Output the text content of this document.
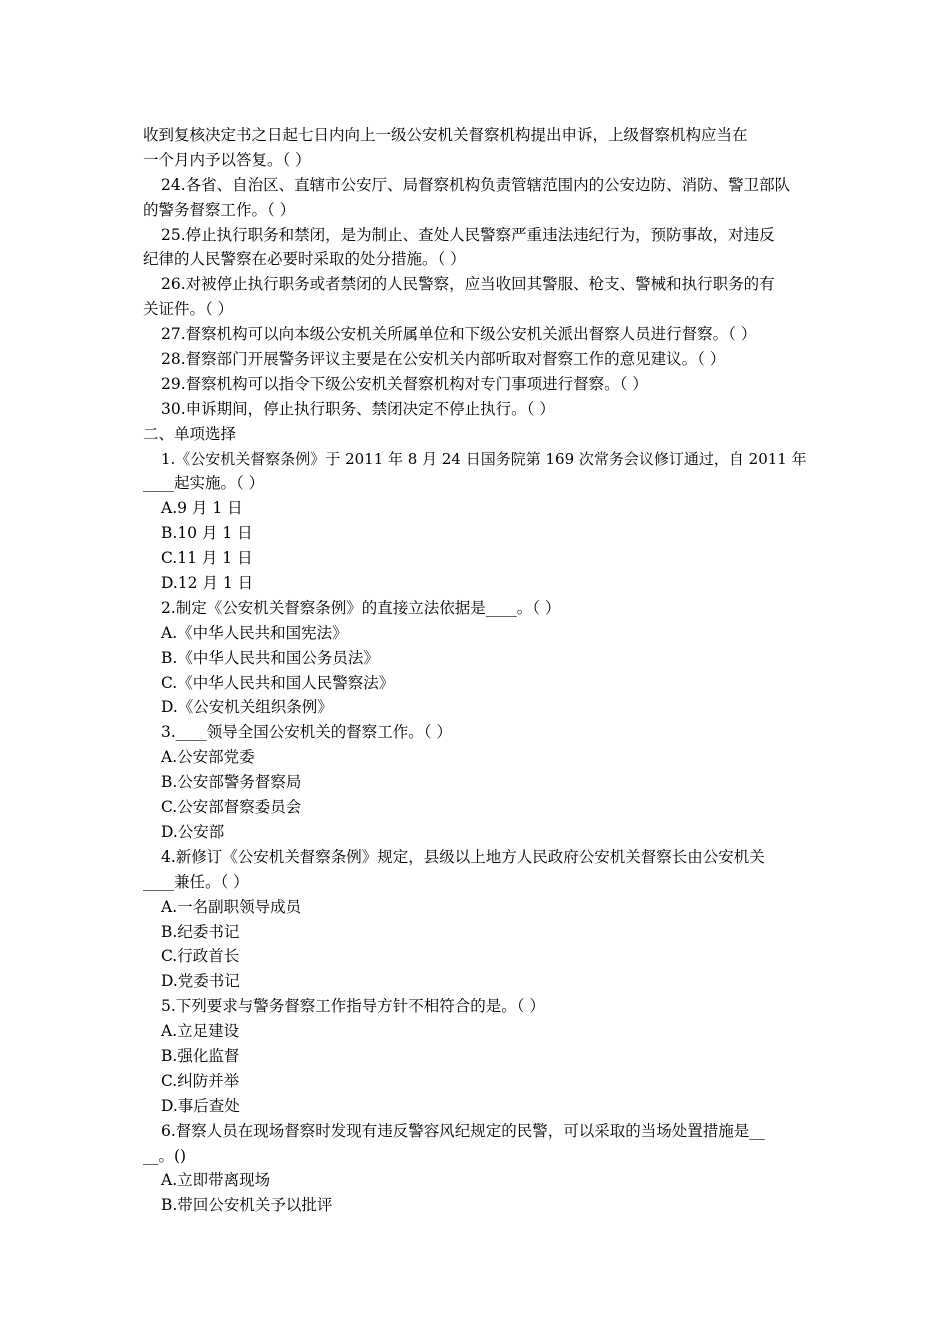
收到复核决定书之日起七日内向上一级公安机关督察机构提出申诉，上级督察机构应当在
一个月内予以答复。（ ）
24.各省、自治区、直辖市公安厅、局督察机构负责管辖范围内的公安边防、消防、警卫部队
的警务督察工作。（ ）
25.停止执行职务和禁闭，是为制止、查处人民警察严重违法违纪行为，预防事故，对违反
纪律的人民警察在必要时采取的处分措施。（ ）
26.对被停止执行职务或者禁闭的人民警察，应当收回其警服、枪支、警械和执行职务的有
关证件。（ ）
27.督察机构可以向本级公安机关所属单位和下级公安机关派出督察人员进行督察。（ ）
28.督察部门开展警务评议主要是在公安机关内部听取对督察工作的意见建议。（ ）
29.督察机构可以指令下级公安机关督察机构对专门事项进行督察。（ ）
30.申诉期间，停止执行职务、禁闭决定不停止执行。（ ）
二、单项选择
1.《公安机关督察条例》于 2011 年 8 月 24 日国务院第 169 次常务会议修订通过，自 2011 年
____起实施。（ ）
A.9 月 1 日
B.10 月 1 日
C.11 月 1 日
D.12 月 1 日
2.制定《公安机关督察条例》的直接立法依据是____。（ ）
A.《中华人民共和国宪法》
B.《中华人民共和国公务员法》
C.《中华人民共和国人民警察法》
D.《公安机关组织条例》
3.____领导全国公安机关的督察工作。（ ）
A.公安部党委
B.公安部警务督察局
C.公安部督察委员会
D.公安部
4.新修订《公安机关督察条例》规定，县级以上地方人民政府公安机关督察长由公安机关
____兼任。（ ）
A.一名副职领导成员
B.纪委书记
C.行政首长
D.党委书记
5.下列要求与警务督察工作指导方针不相符合的是。（ ）
A.立足建设
B.强化监督
C.纠防并举
D.事后查处
6.督察人员在现场督察时发现有违反警容风纪规定的民警，可以采取的当场处置措施是__
__。()
A.立即带离现场
B.带回公安机关予以批评
